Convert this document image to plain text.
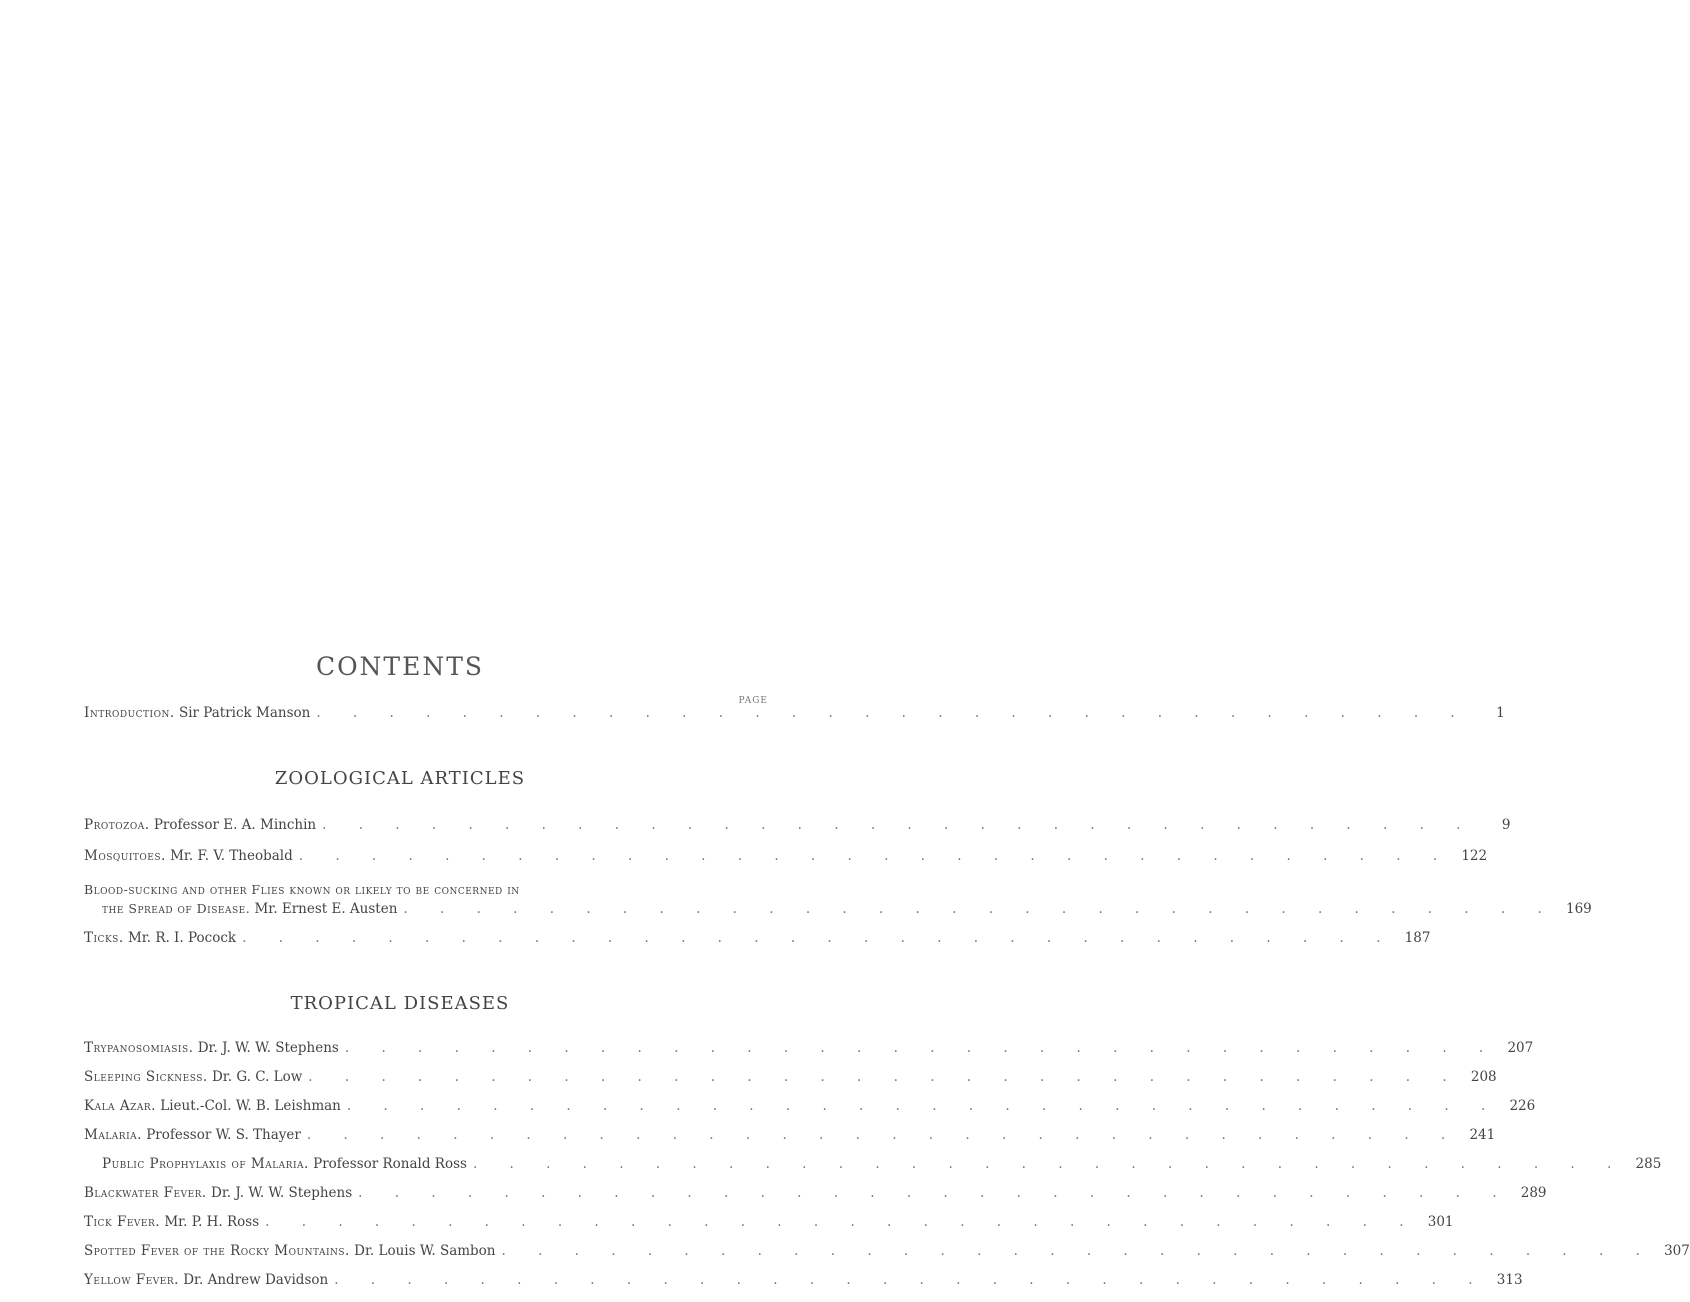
CONTENTS
PAGE
Introduction. Sir Patrick Manson . . . . . . . . . . . . . . . . . . . . . . . . . . . . . . . .	1
ZOOLOGICAL ARTICLES
Protozoa. Professor E. A. Minchin . . . . . . . . . . . . . . . . . . . . . . . . . . . . . . . .	9
Mosquitoes. Mr. F. V. Theobald . . . . . . . . . . . . . . . . . . . . . . . . . . . . . . . . 122
Blood-sucking and other Flies known or likely to be concerned in
the Spread of Disease. Mr. Ernest E. Austen . . . . . . . . . . . . . . . . . . . . . . . . . . . . . . . . 169
Ticks. Mr. R. I. Pocock . . . . . . . . . . . . . . . . . . . . . . . . . . . . . . . . 187
TROPICAL DISEASES
Trypanosomiasis. Dr. J. W. W. Stephens . . . . . . . . . . . . . . . . . . . . . . . . . . . . . . . . 207
Sleeping Sickness. Dr. G. C. Low . . . . . . . . . . . . . . . . . . . . . . . . . . . . . . . . 208
Kala Azar. Lieut.-Col. W. B. Leishman . . . . . . . . . . . . . . . . . . . . . . . . . . . . . . . . 226
Malaria. Professor W. S. Thayer . . . . . . . . . . . . . . . . . . . . . . . . . . . . . . . . 241
Public Prophylaxis of Malaria. Professor Ronald Ross . . . . . . . . . . . . . . . . . . . . . . . . . . . . . . . . 285
Blackwater Fever. Dr. J. W. W. Stephens . . . . . . . . . . . . . . . . . . . . . . . . . . . . . . . . 289
Tick Fever. Mr. P. H. Ross . . . . . . . . . . . . . . . . . . . . . . . . . . . . . . . . 301
Spotted Fever of the Rocky Mountains. Dr. Louis W. Sambon . . . . . . . . . . . . . . . . . . . . . . . . . . . . . . . . 307
Yellow Fever. Dr. Andrew Davidson . . . . . . . . . . . . . . . . . . . . . . . . . . . . . . . . 313
